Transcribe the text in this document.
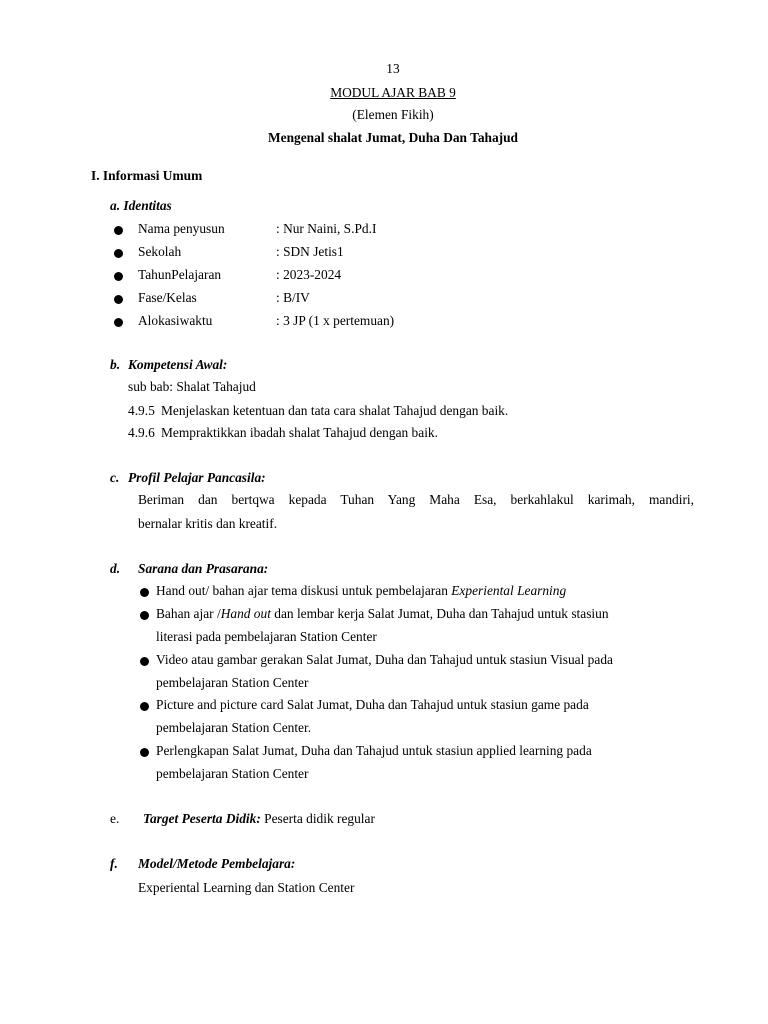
13
MODUL AJAR BAB 9
(Elemen Fikih)
Mengenal shalat Jumat, Duha Dan Tahajud
I. Informasi Umum
a. Identitas
Nama penyusun	: Nur Naini, S.Pd.I
Sekolah	: SDN Jetis1
TahunPelajaran	: 2023-2024
Fase/Kelas	: B/IV
Alokasiwaktu	: 3 JP (1 x pertemuan)
b. Kompetensi Awal:
sub bab: Shalat Tahajud
4.9.5 Menjelaskan ketentuan dan tata cara shalat Tahajud dengan baik.
4.9.6 Mempraktikkan ibadah shalat Tahajud dengan baik.
c. Profil Pelajar Pancasila:
Beriman dan bertqwa kepada Tuhan Yang Maha Esa, berkahlakul karimah, mandiri,
bernalar kritis dan kreatif.
d. Sarana dan Prasarana:
Hand out/ bahan ajar tema diskusi untuk pembelajaran Experiental Learning
Bahan ajar /Hand out dan lembar kerja Salat Jumat, Duha dan Tahajud untuk stasiun
literasi pada pembelajaran Station Center
Video atau gambar gerakan Salat Jumat, Duha dan Tahajud untuk stasiun Visual pada
pembelajaran Station Center
Picture and picture card Salat Jumat, Duha dan Tahajud untuk stasiun game pada
pembelajaran Station Center.
Perlengkapan Salat Jumat, Duha dan Tahajud untuk stasiun applied learning pada
pembelajaran Station Center
e. Target Peserta Didik: Peserta didik regular
f. Model/Metode Pembelajara:
Experiental Learning dan Station Center
